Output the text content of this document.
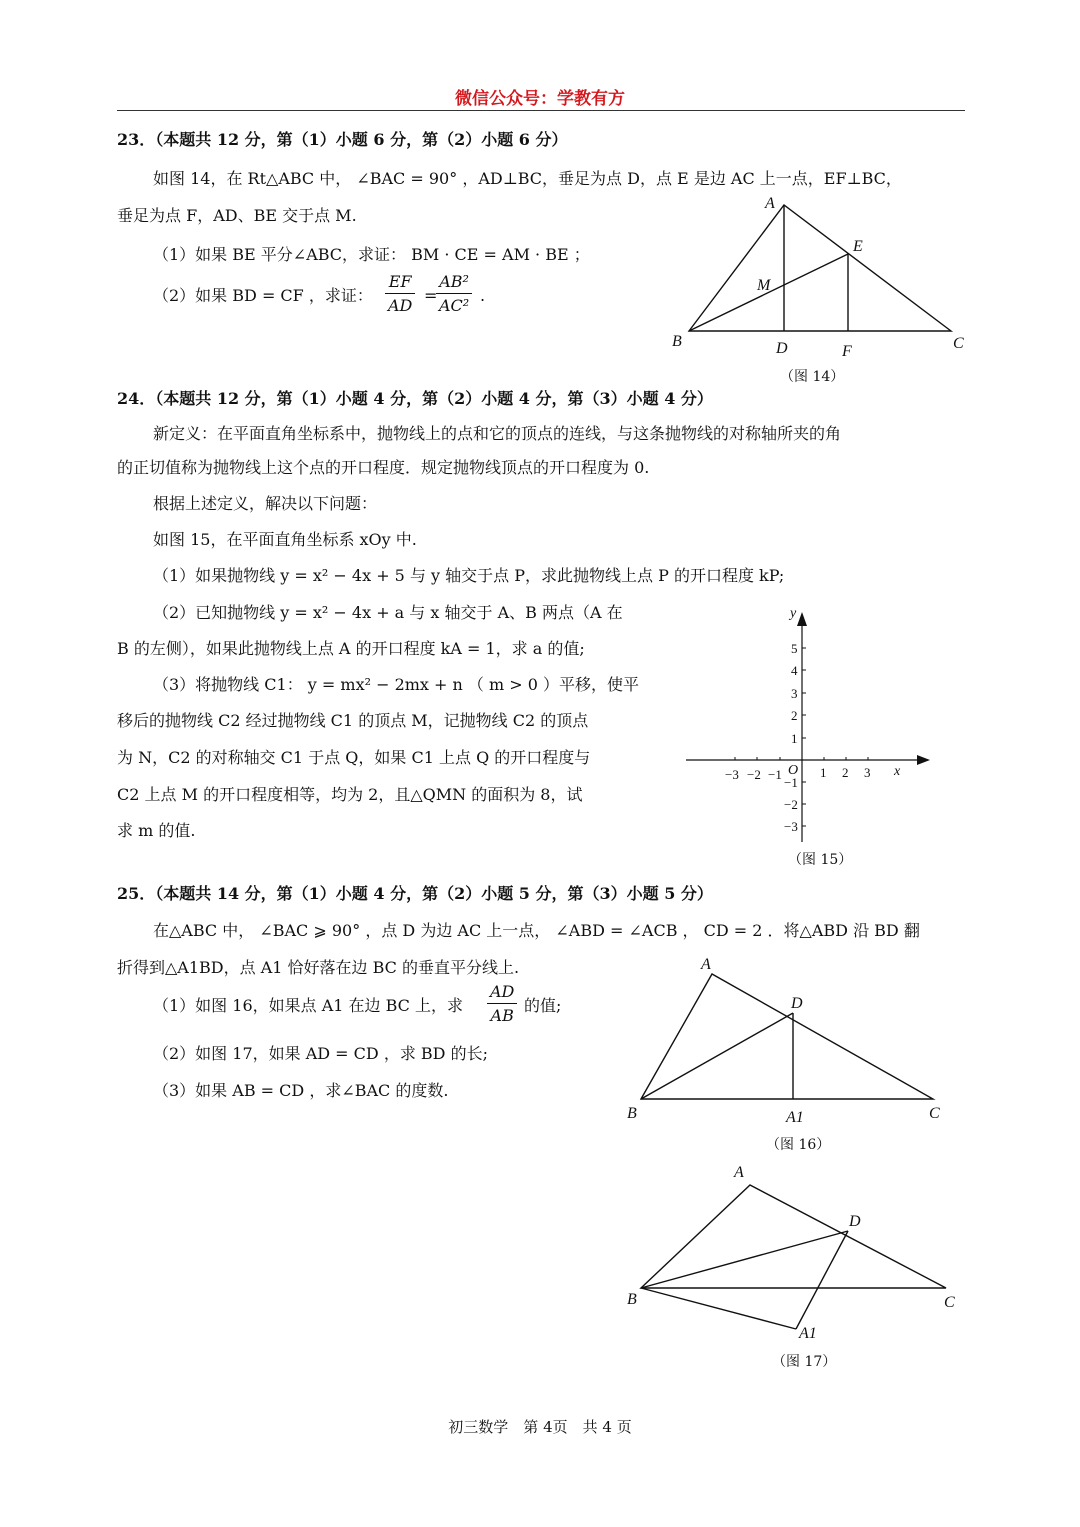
微信公众号：学教有方
23．（本题共 12 分，第（1）小题 6 分，第（2）小题 6 分）
如图 14，在 Rt△ABC 中， ∠BAC = 90° ，AD⊥BC，垂足为点 D，点 E 是边 AC 上一点，EF⊥BC，
垂足为点 F，AD、BE 交于点 M.
（1）如果 BE 平分∠ABC，求证： BM · CE = AM · BE ；
（2）如果 BD = CF ，求证： $\frac{EF}{AD}$ =
$\frac{\text{AB²}}{\text{AC²}}$ .
A
B	C
D
E
F
M
（图 14）
24．（本题共 12 分，第（1）小题 4 分，第（2）小题 4 分，第（3）小题 4 分）
新定义：在平面直角坐标系中，抛物线上的点和它的顶点的连线，与这条抛物线的对称轴所夹的角
的正切值称为抛物线上这个点的开口程度．规定抛物线顶点的开口程度为 0.
根据上述定义，解决以下问题：
如图 15，在平面直角坐标系 xOy 中.
（1）如果抛物线 y = x² − 4x + 5 与 y 轴交于点 P，求此抛物线上点 P 的开口程度 kP;
（2）已知抛物线 y = x² − 4x + a 与 x 轴交于 A、B 两点（A 在
B 的左侧），如果此抛物线上点 A 的开口程度 kA = 1，求 a 的值;
（3）将抛物线 C1： y = mx² − 2mx + n （ m > 0 ）平移，使平
移后的抛物线 C2 经过抛物线 C1 的顶点 M，记抛物线 C2 的顶点
为 N，C2 的对称轴交 C1 于点 Q，如果 C1 上点 Q 的开口程度与
C2 上点 M 的开口程度相等，均为 2，且△QMN 的面积为 8，试
求 m 的值.
−3 −2 −1	1 2 3
5
4
3
2
1
−1
−2
−3
O	x
y
（图 15）
25．（本题共 14 分，第（1）小题 4 分，第（2）小题 5 分，第（3）小题 5 分）
在△ABC 中， ∠BAC ⩾ 90° ，点 D 为边 AC 上一点， ∠ABD = ∠ACB ， CD = 2 ．将△ABD 沿 BD 翻
折得到△A1BD，点 A1 恰好落在边 BC 的垂直平分线上.
（1）如图 16，如果点 A1 在边 BC 上，求 $\frac{AD}{AB}$ 的值;
（2）如图 17，如果 AD = CD ，求 BD 的长;
（3）如果 AB = CD ，求∠BAC 的度数.
A
B	C
D
A1
（图 16）
A
B	C
D
A1
（图 17）
初三数学　第 4页　共 4 页
